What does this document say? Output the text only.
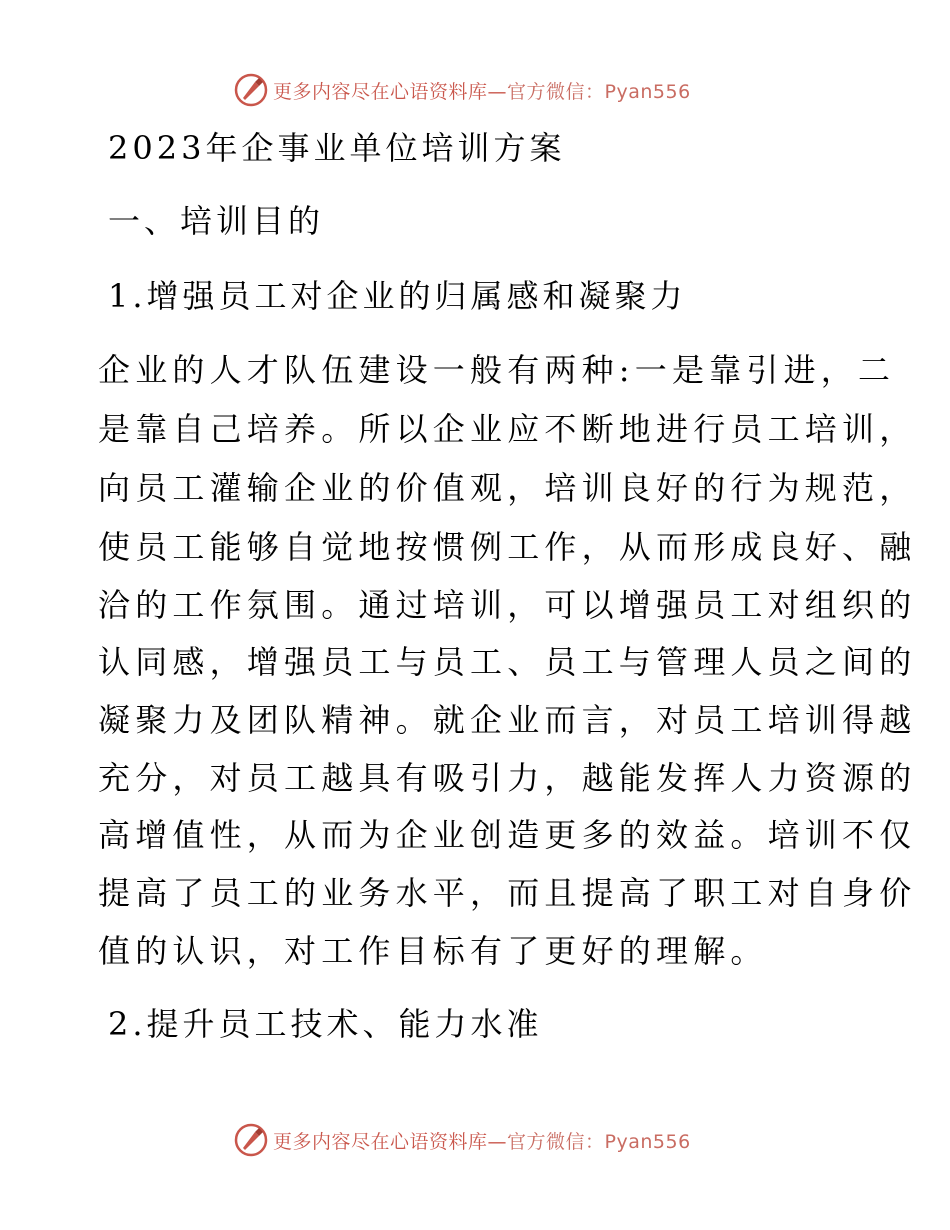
更多内容尽在心语资料库—官方微信：Pyan556
2023年企事业单位培训方案
一、培训目的
1.增强员工对企业的归属感和凝聚力
企业的人才队伍建设一般有两种:一是靠引进，二
是靠自己培养。所以企业应不断地进行员工培训，
向员工灌输企业的价值观，培训良好的行为规范，
使员工能够自觉地按惯例工作，从而形成良好、融
洽的工作氛围。通过培训，可以增强员工对组织的
认同感，增强员工与员工、员工与管理人员之间的
凝聚力及团队精神。就企业而言，对员工培训得越
充分，对员工越具有吸引力，越能发挥人力资源的
高增值性，从而为企业创造更多的效益。培训不仅
提高了员工的业务水平，而且提高了职工对自身价
值的认识，对工作目标有了更好的理解。
2.提升员工技术、能力水准
更多内容尽在心语资料库—官方微信：Pyan556
